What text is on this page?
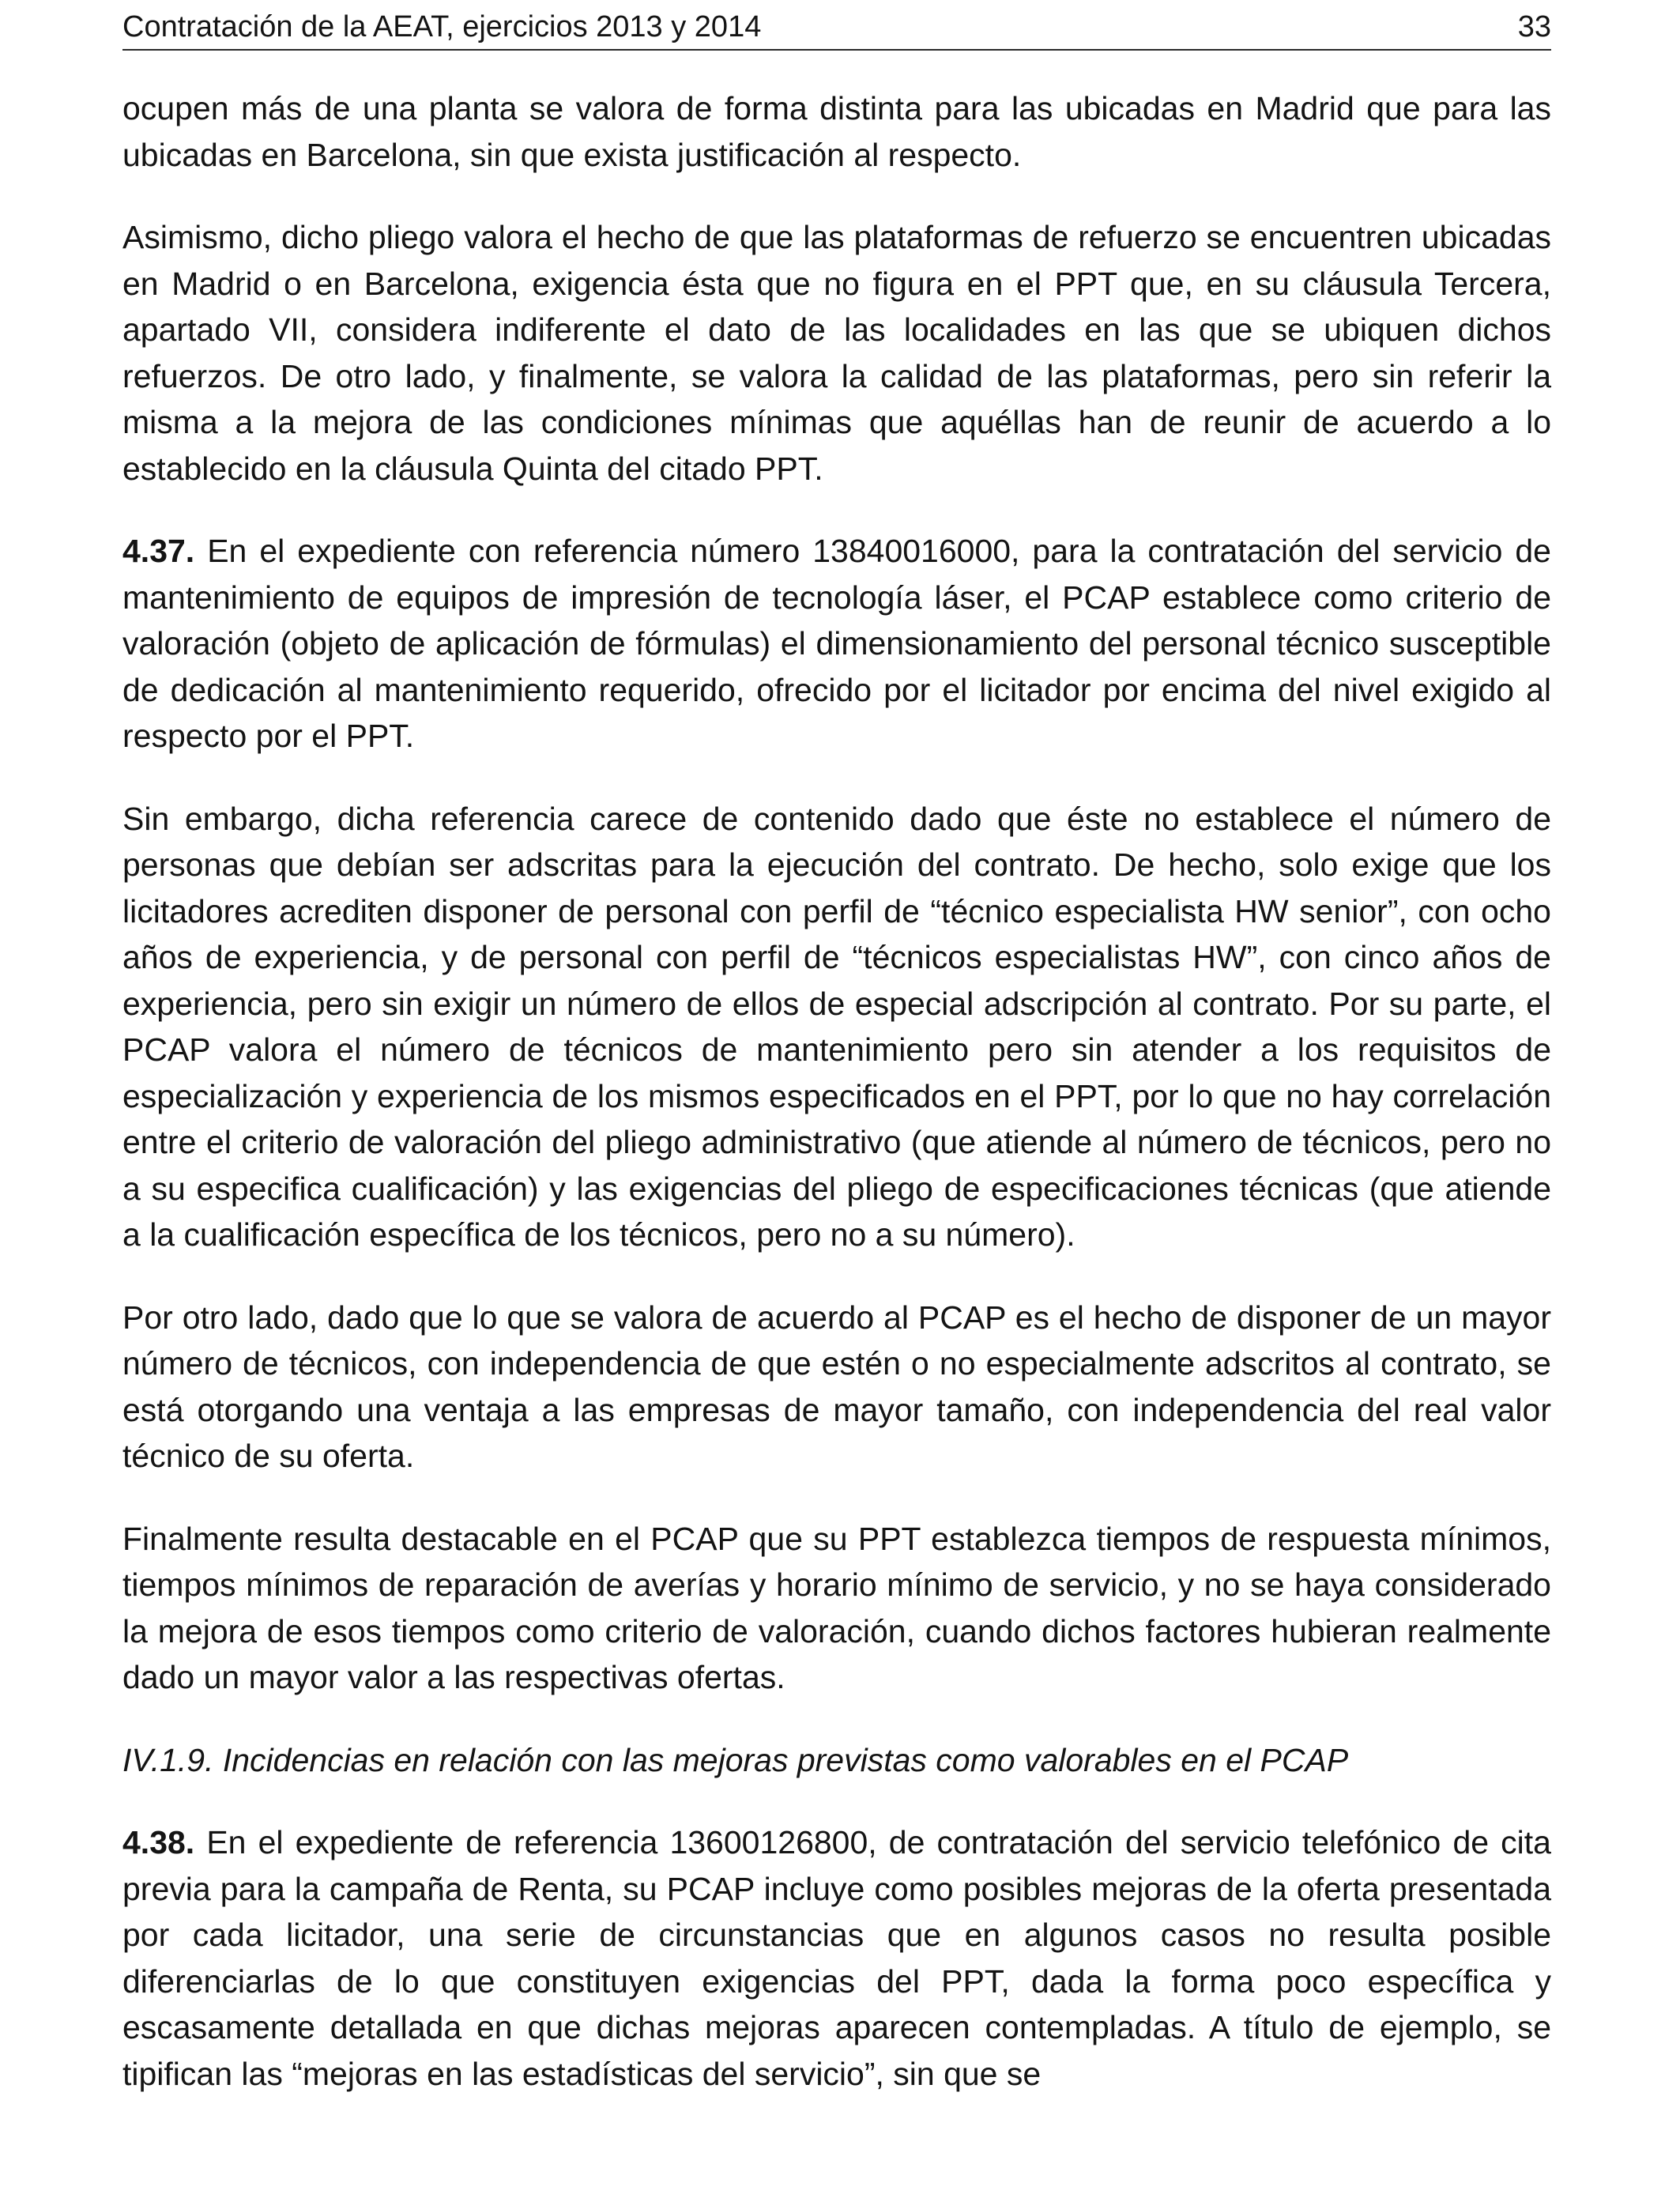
Contratación de la AEAT, ejercicios 2013 y 2014	33

ocupen más de una planta se valora de forma distinta para las ubicadas en Madrid que para las ubicadas en Barcelona, sin que exista justificación al respecto.

Asimismo, dicho pliego valora el hecho de que las plataformas de refuerzo se encuentren ubicadas en Madrid o en Barcelona, exigencia ésta que no figura en el PPT que, en su cláusula Tercera, apartado VII, considera indiferente el dato de las localidades en las que se ubiquen dichos refuerzos. De otro lado, y finalmente, se valora la calidad de las plataformas, pero sin referir la misma a la mejora de las condiciones mínimas que aquéllas han de reunir de acuerdo a lo establecido en la cláusula Quinta del citado PPT.

4.37. En el expediente con referencia número 13840016000, para la contratación del servicio de mantenimiento de equipos de impresión de tecnología láser, el PCAP establece como criterio de valoración (objeto de aplicación de fórmulas) el dimensionamiento del personal técnico susceptible de dedicación al mantenimiento requerido, ofrecido por el licitador por encima del nivel exigido al respecto por el PPT.

Sin embargo, dicha referencia carece de contenido dado que éste no establece el número de personas que debían ser adscritas para la ejecución del contrato. De hecho, solo exige que los licitadores acrediten disponer de personal con perfil de “técnico especialista HW senior”, con ocho años de experiencia, y de personal con perfil de “técnicos especialistas HW”, con cinco años de experiencia, pero sin exigir un número de ellos de especial adscripción al contrato. Por su parte, el PCAP valora el número de técnicos de mantenimiento pero sin atender a los requisitos de especialización y experiencia de los mismos especificados en el PPT, por lo que no hay correlación entre el criterio de valoración del pliego administrativo (que atiende al número de técnicos, pero no a su especifica cualificación) y las exigencias del pliego de especificaciones técnicas (que atiende a la cualificación específica de los técnicos, pero no a su número).

Por otro lado, dado que lo que se valora de acuerdo al PCAP es el hecho de disponer de un mayor número de técnicos, con independencia de que estén o no especialmente adscritos al contrato, se está otorgando una ventaja a las empresas de mayor tamaño, con independencia del real valor técnico de su oferta.

Finalmente resulta destacable en el PCAP que su PPT establezca tiempos de respuesta mínimos, tiempos mínimos de reparación de averías y horario mínimo de servicio, y no se haya considerado la mejora de esos tiempos como criterio de valoración, cuando dichos factores hubieran realmente dado un mayor valor a las respectivas ofertas.

IV.1.9. Incidencias en relación con las mejoras previstas como valorables en el PCAP

4.38. En el expediente de referencia 13600126800, de contratación del servicio telefónico de cita previa para la campaña de Renta, su PCAP incluye como posibles mejoras de la oferta presentada por cada licitador, una serie de circunstancias que en algunos casos no resulta posible diferenciarlas de lo que constituyen exigencias del PPT, dada la forma poco específica y escasamente detallada en que dichas mejoras aparecen contempladas. A título de ejemplo, se tipifican las “mejoras en las estadísticas del servicio”, sin que se
